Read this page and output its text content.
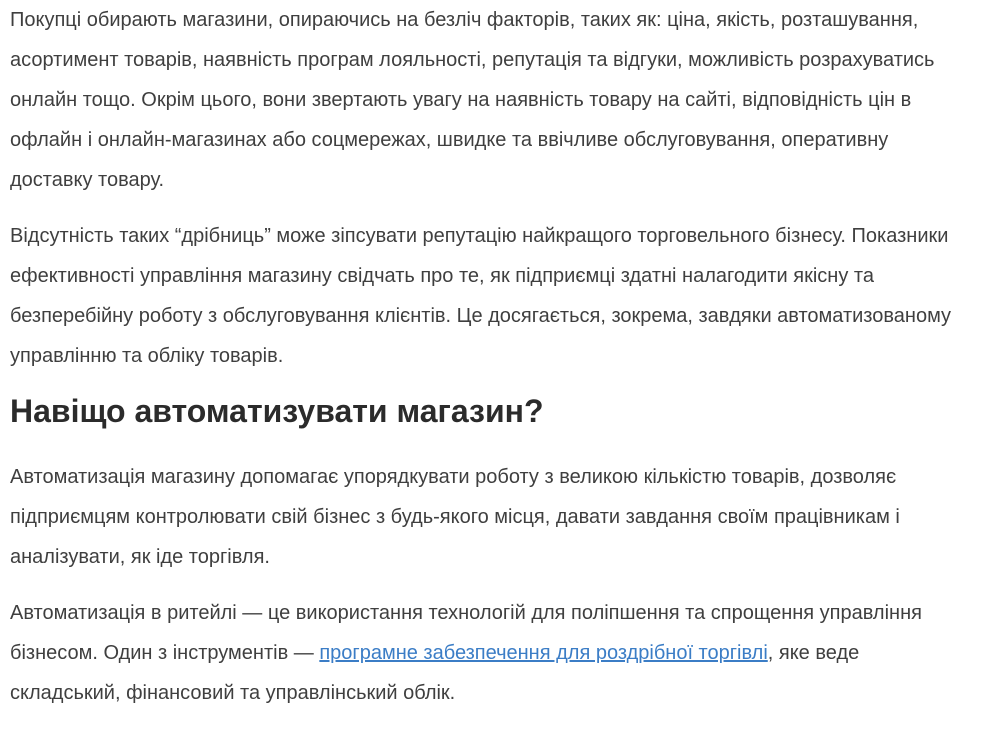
Покупці обирають магазини, опираючись на безліч факторів, таких як: ціна, якість, розташування, асортимент товарів, наявність програм лояльності, репутація та відгуки, можливість розрахуватись онлайн тощо. Окрім цього, вони звертають увагу на наявність товару на сайті, відповідність цін в офлайн і онлайн-магазинах або соцмережах, швидке та ввічливе обслуговування, оперативну доставку товару.

Відсутність таких “дрібниць” може зіпсувати репутацію найкращого торговельного бізнесу. Показники ефективності управління магазину свідчать про те, як підприємці здатні налагодити якісну та безперебійну роботу з обслуговування клієнтів. Це досягається, зокрема, завдяки автоматизованому управлінню та обліку товарів.

Навіщо автоматизувати магазин?

Автоматизація магазину допомагає упорядкувати роботу з великою кількістю товарів, дозволяє підприємцям контролювати свій бізнес з будь-якого місця, давати завдання своїм працівникам і аналізувати, як іде торгівля.

Автоматизація в ритейлі — це використання технологій для поліпшення та спрощення управління бізнесом. Один з інструментів — програмне забезпечення для роздрібної торгівлі, яке веде складський, фінансовий та управлінський облік.
